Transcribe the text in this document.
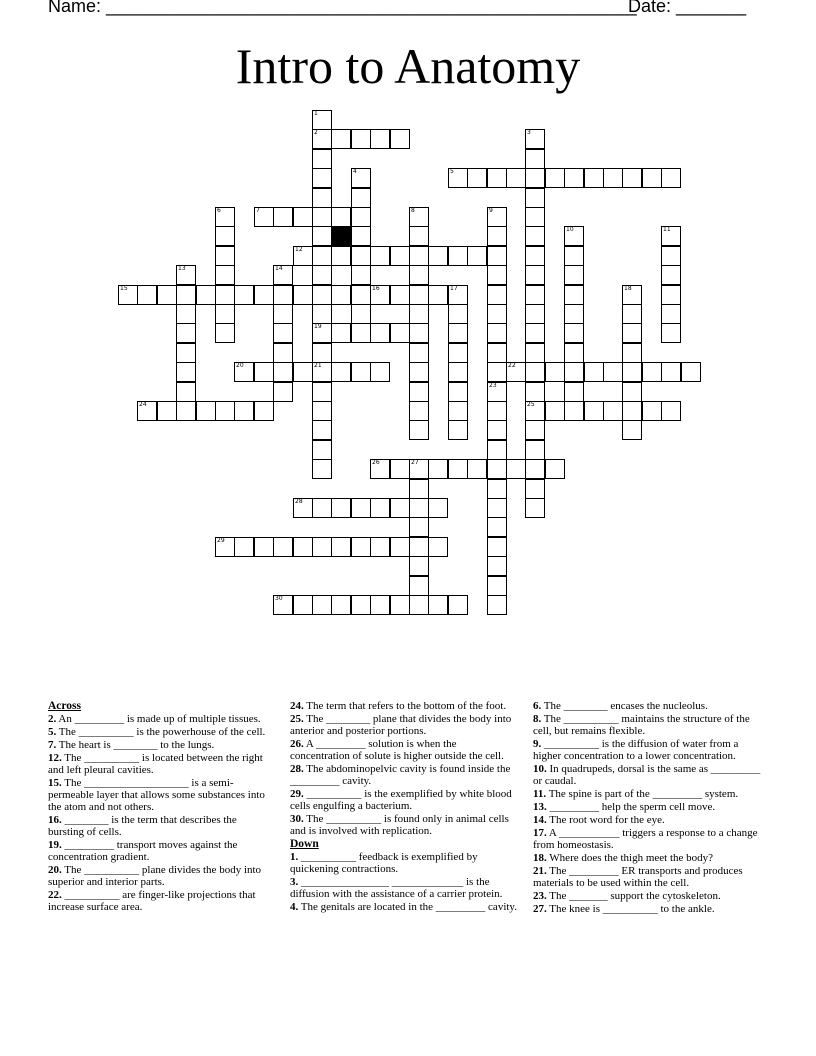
Name: _____________________________________________________
Date: _______
Intro to Anatomy
1
2
19
21
3
25
4	5
6	7	8	9
23
10	11
12
13	14
15	16	17	18
20	22
24
26	27
28
29
30
Across
2. An _________ is made up of multiple tissues.
5. The __________ is the powerhouse of the cell.
7. The heart is ________ to the lungs.
12. The __________ is located between the right and left pleural cavities.
15. The ___________________ is a semi-permeable layer that allows some substances into the atom and not others.
16. ________ is the term that describes the bursting of cells.
19. _________ transport moves against the concentration gradient.
20. The __________ plane divides the body into superior and interior parts.
22. __________ are finger-like projections that increase surface area.
24. The term that refers to the bottom of the foot.
25. The ________ plane that divides the body into anterior and posterior portions.
26. A _________ solution is when the concentration of solute is higher outside the cell.
28. The abdominopelvic cavity is found inside the _________ cavity.
29. __________ is the exemplified by white blood cells engulfing a bacterium.
30. The __________ is found only in animal cells and is involved with replication.
Down
1. __________ feedback is exemplified by quickening contractions.
3. ________________ _____________ is the diffusion with the assistance of a carrier protein.
4. The genitals are located in the _________ cavity.
6. The ________ encases the nucleolus.
8. The __________ maintains the structure of the cell, but remains flexible.
9. __________ is the diffusion of water from a higher concentration to a lower concentration.
10. In quadrupeds, dorsal is the same as _________ or caudal.
11. The spine is part of the _________ system.
13. _________ help the sperm cell move.
14. The root word for the eye.
17. A ___________ triggers a response to a change from homeostasis.
18. Where does the thigh meet the body?
21. The _________ ER transports and produces materials to be used within the cell.
23. The _______ support the cytoskeleton.
27. The knee is __________ to the ankle.
